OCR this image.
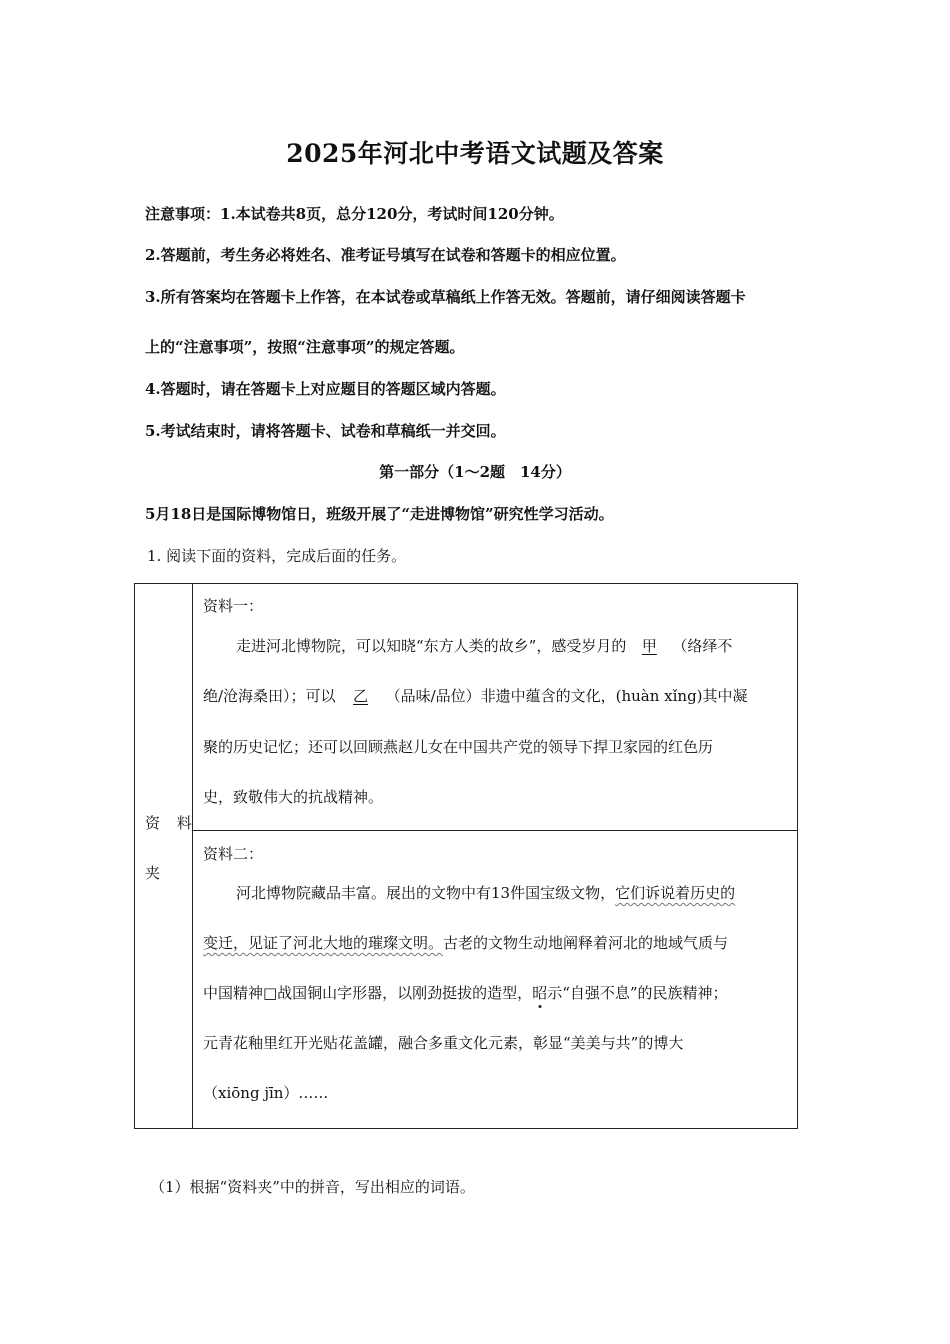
2025年河北中考语文试题及答案
注意事项：1.本试卷共8页，总分120分，考试时间120分钟。
2.答题前，考生务必将姓名、准考证号填写在试卷和答题卡的相应位置。
3.所有答案均在答题卡上作答，在本试卷或草稿纸上作答无效。答题前，请仔细阅读答题卡
上的“注意事项”，按照“注意事项”的规定答题。
4.答题时，请在答题卡上对应题目的答题区域内答题。
5.考试结束时，请将答题卡、试卷和草稿纸一并交回。
第一部分（1～2题　14分）
5月18日是国际博物馆日，班级开展了“走进博物馆”研究性学习活动。
1. 阅读下面的资料，完成后面的任务。
资 料
夹
资料一：
走进河北博物院，可以知晓“东方人类的故乡”，感受岁月的 甲 （络绎不
绝/沧海桑田）；可以 乙 （品味/品位）非遗中蕴含的文化，(huàn xǐng)其中凝
聚的历史记忆；还可以回顾燕赵儿女在中国共产党的领导下捍卫家园的红色历
史，致敬伟大的抗战精神。
资料二：
河北博物院藏品丰富。展出的文物中有13件国宝级文物，它们诉说着历史的
变迁，见证了河北大地的璀璨文明。古老的文物生动地阐释着河北的地域气质与
中国精神□战国铜山字形器，以刚劲挺拔的造型，昭示“自强不息”的民族精神；
元青花釉里红开光贴花盖罐，融合多重文化元素，彰显“美美与共”的博大
（xiōng jīn）……
（1）根据“资料夹”中的拼音，写出相应的词语。
